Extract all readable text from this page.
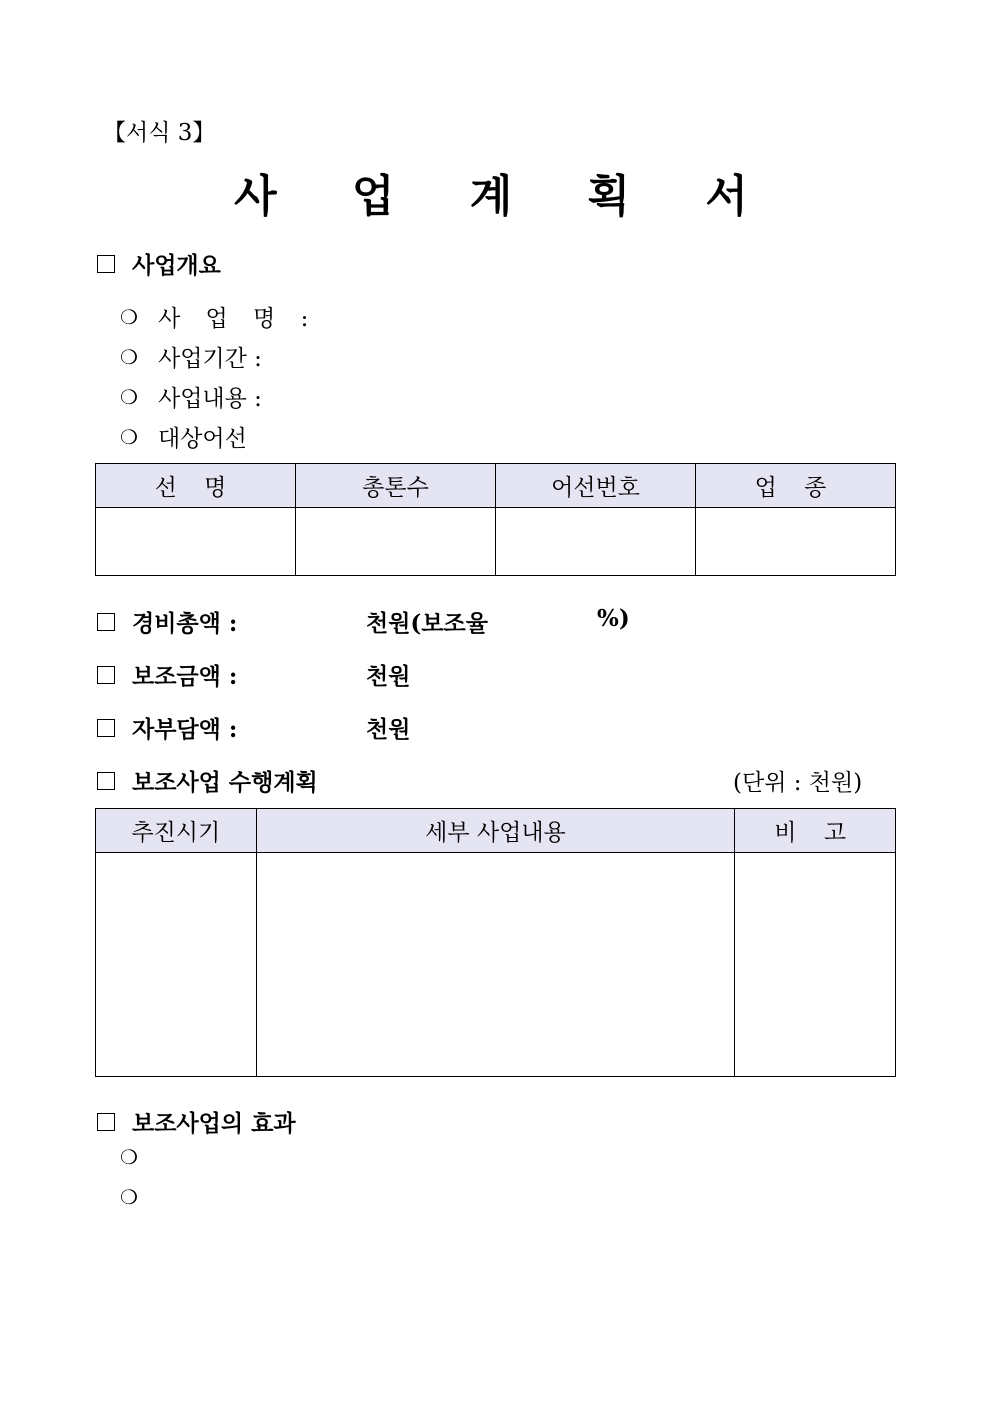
【서식 3】
사 업 계 획 서
사업개요
❍ 사 업 명 :
❍ 사업기간 :
❍ 사업내용 :
❍ 대상어선
선 명	총톤수	어선번호	업 종

경비총액 :	천원(보조율	%)
보조금액 :	천원
자부담액 :	천원
보조사업 수행계획	(단위 : 천원)
추진시기	세부 사업내용	비 고

보조사업의 효과
❍
❍
